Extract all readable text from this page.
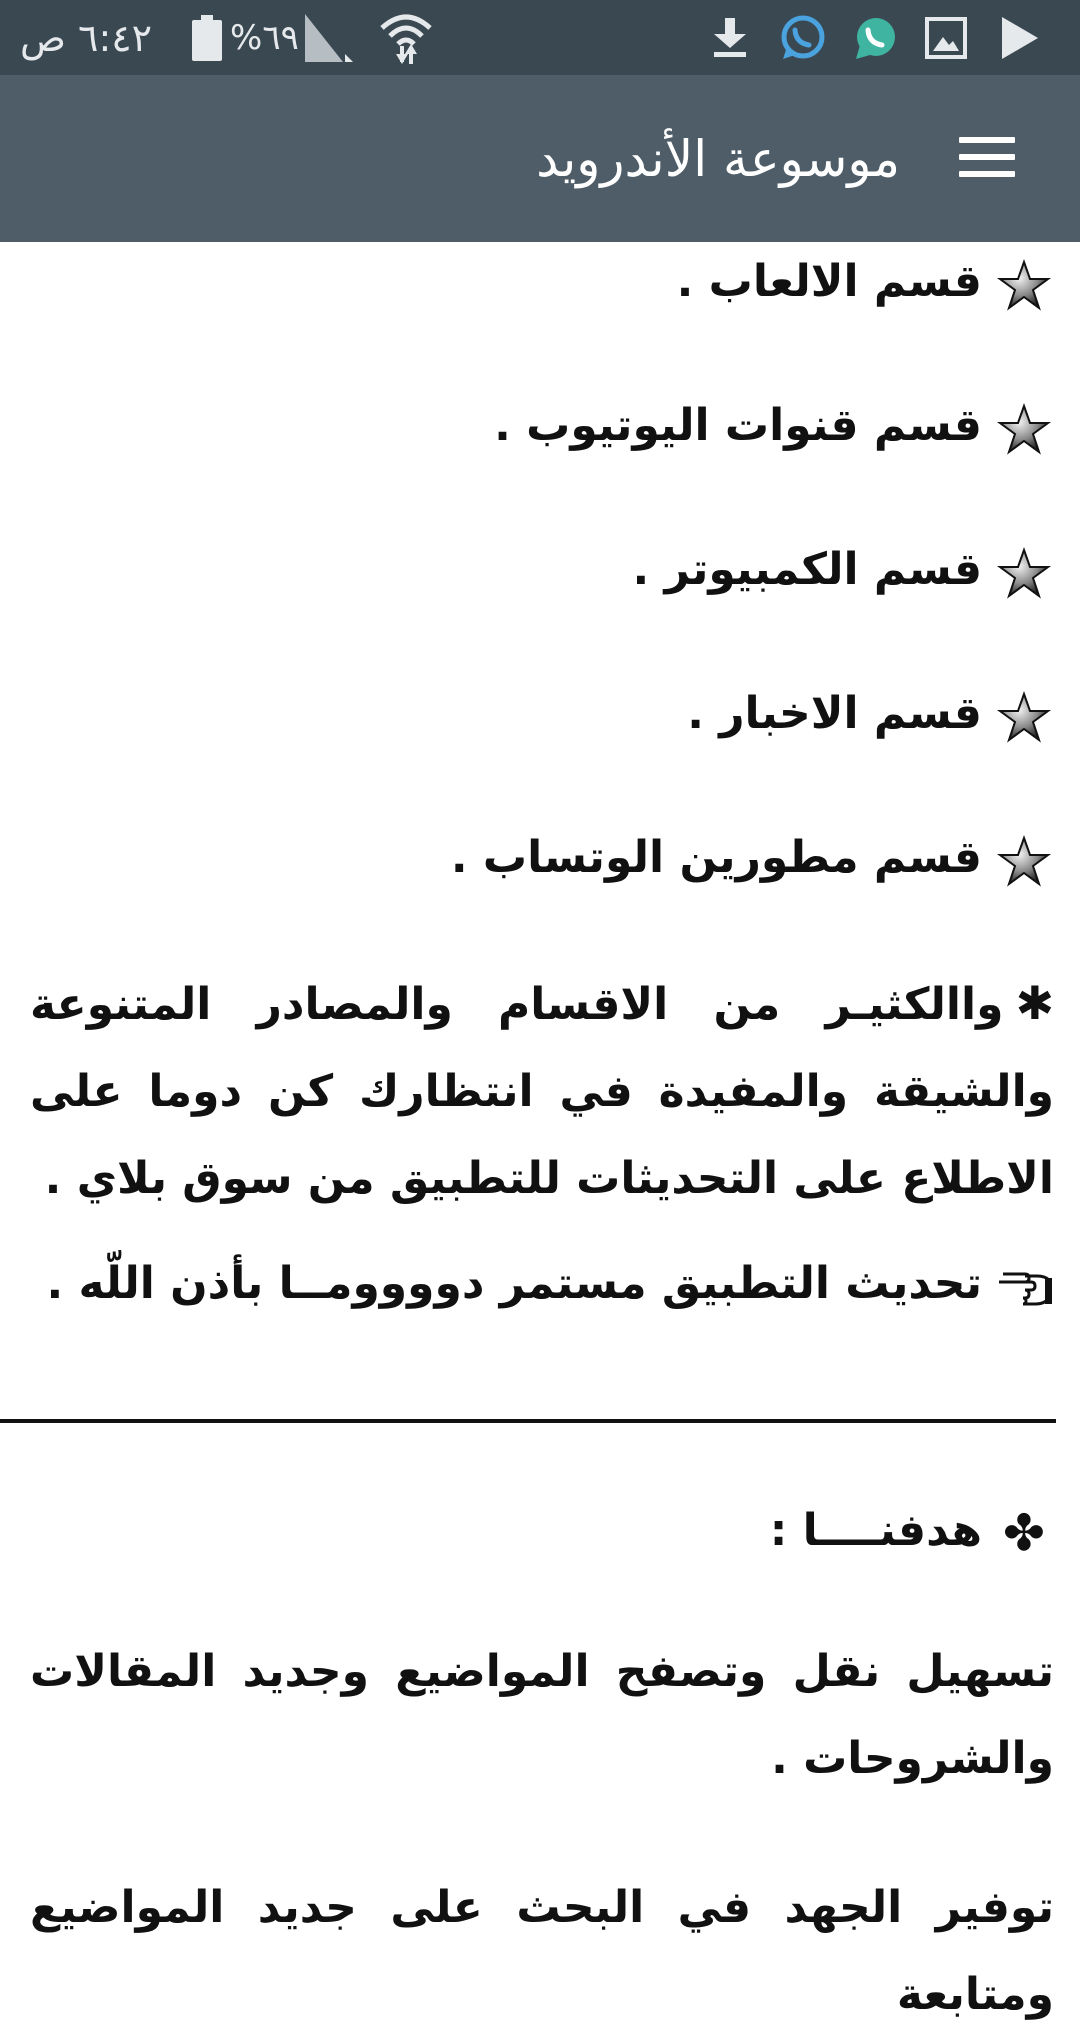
٦:٤٢ ص %٦٩
موسوعة الأندرويد
قسم الالعاب .
قسم قنوات اليوتيوب .
قسم الكمبيوتر .
قسم الاخبار .
قسم مطورين الوتساب .
✱واالكثيـر من الاقسام والمصادر المتنوعة والشيقة والمفيدة في انتظارك كن دوما على الاطلاع على التحديثات للتطبيق من سوق بلاي .
تحديث التطبيق مستمر دوووومــا بأذن اللّه .
✤هدفنــــا :
تسهيل نقل وتصفح المواضيع وجديد المقالات والشروحات .
توفير الجهد في البحث على جديد المواضيع ومتابعة
